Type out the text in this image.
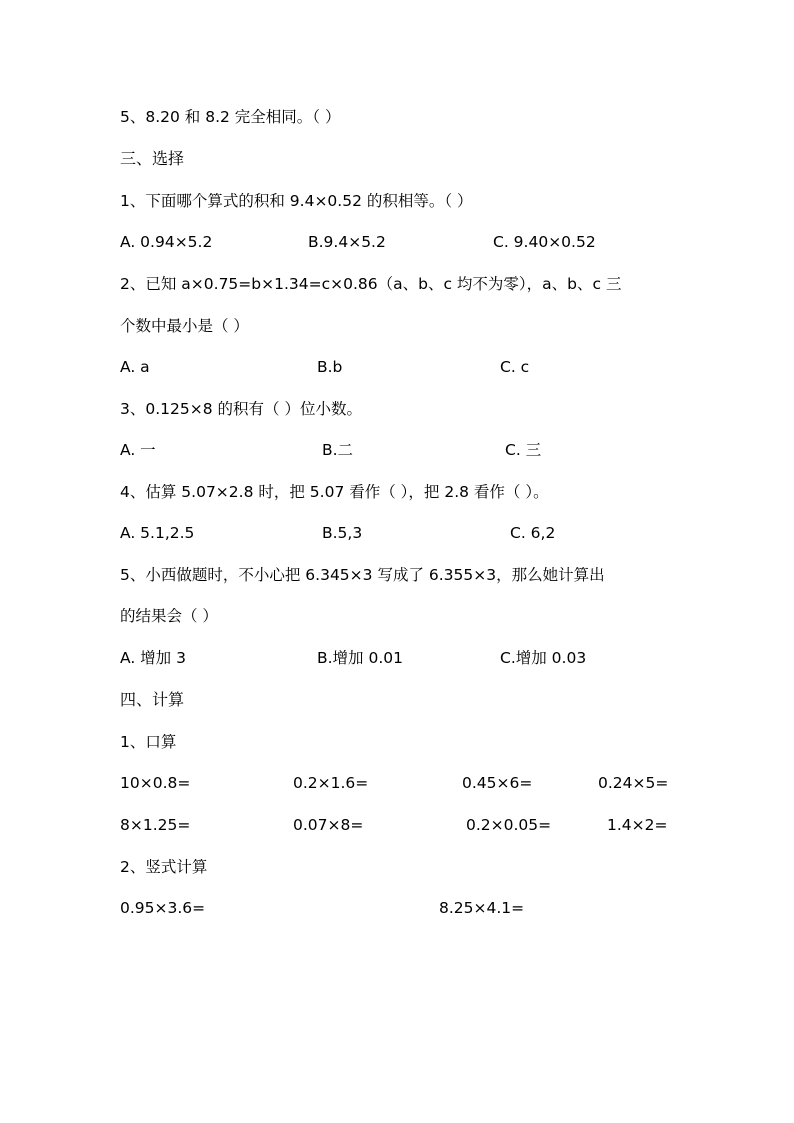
5、8.20 和 8.2 完全相同。（ ）
三、选择
1、下面哪个算式的积和 9.4×0.52 的积相等。（ ）
A. 0.94×5.2	B.9.4×5.2	C. 9.40×0.52
2、已知 a×0.75=b×1.34=c×0.86（a、b、c 均不为零），a、b、c 三
个数中最小是（ ）
A. a	B.b	C. c
3、0.125×8 的积有（ ）位小数。
A. 一	B.二	C. 三
4、估算 5.07×2.8 时，把 5.07 看作（ ），把 2.8 看作（ ）。
A. 5.1,2.5	B.5,3	C. 6,2
5、小西做题时，不小心把 6.345×3 写成了 6.355×3，那么她计算出
的结果会（ ）
A. 增加 3	B.增加 0.01	C.增加 0.03
四、计算
1、口算
10×0.8=	0.2×1.6=	0.45×6=	0.24×5=
8×1.25=	0.07×8=	0.2×0.05=	1.4×2=
2、竖式计算
0.95×3.6=	8.25×4.1=
